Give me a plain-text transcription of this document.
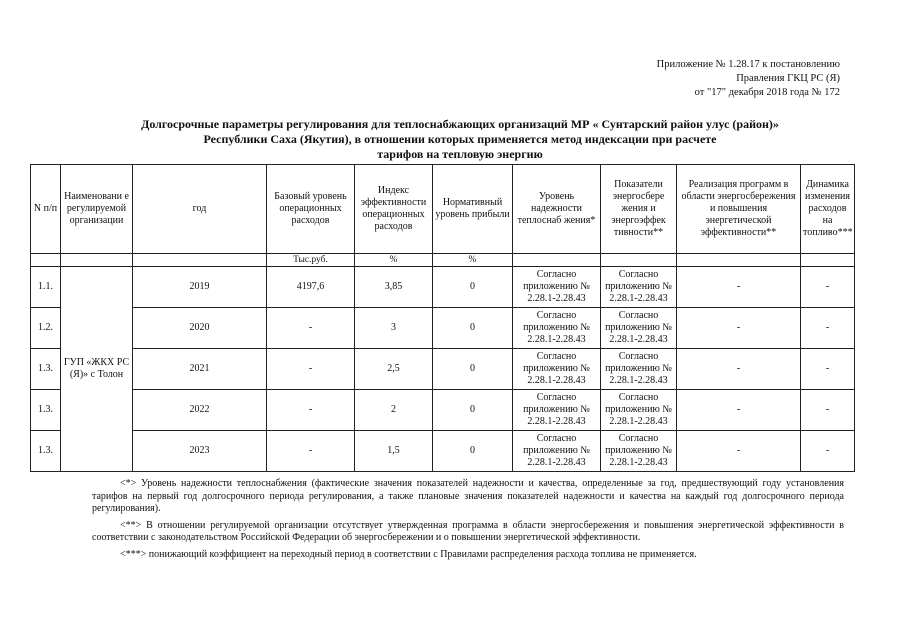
Приложение № 1.28.17 к постановлению
Правления ГКЦ РС (Я)
от "17" декабря 2018 года № 172
Долгосрочные параметры регулирования для теплоснабжающих организаций МР « Сунтарский район улус (район)»
Республики Саха (Якутия), в отношении которых применяется метод индексации при расчете
тарифов на тепловую энергию
N п/п	Наименовани е регулируемой организации	год	Базовый уровень операционных расходов	Индекс эффективности операционных расходов	Нормативный уровень прибыли	Уровень надежности теплоснаб жения*	Показатели энергосбере жения и энергоэффек тивности**	Реализация программ в области энергосбережения и повышения энергетической эффективности**	Динамика изменения расходов на топливо***
			Тыс.руб.	%	%				
1.1.	ГУП «ЖКХ РС (Я)» с Толон	2019	4197,6	3,85	0	Согласно приложению № 2.28.1-2.28.43	Согласно приложению № 2.28.1-2.28.43	-	-
1.2.		2020	-	3	0	Согласно приложению № 2.28.1-2.28.43	Согласно приложению № 2.28.1-2.28.43	-	-
1.3.		2021	-	2,5	0	Согласно приложению № 2.28.1-2.28.43	Согласно приложению № 2.28.1-2.28.43	-	-
1.3.		2022	-	2	0	Согласно приложению № 2.28.1-2.28.43	Согласно приложению № 2.28.1-2.28.43	-	-
1.3.		2023	-	1,5	0	Согласно приложению № 2.28.1-2.28.43	Согласно приложению № 2.28.1-2.28.43	-	-

<*> Уровень надежности теплоснабжения (фактические значения показателей надежности и качества, определенные за год, предшествующий году установления тарифов на первый год долгосрочного периода регулирования, а также плановые значения показателей надежности и качества на каждый год долгосрочного периода регулирования).

<**> В отношении регулируемой организации отсутствует утвержденная программа в области энергосбережения и повышения энергетической эффективности в соответствии с законодательством Российской Федерации об энергосбережении и о повышении энергетической эффективности.

<***> понижающий коэффициент на переходный период в соответствии с Правилами распределения расхода топлива не применяется.
